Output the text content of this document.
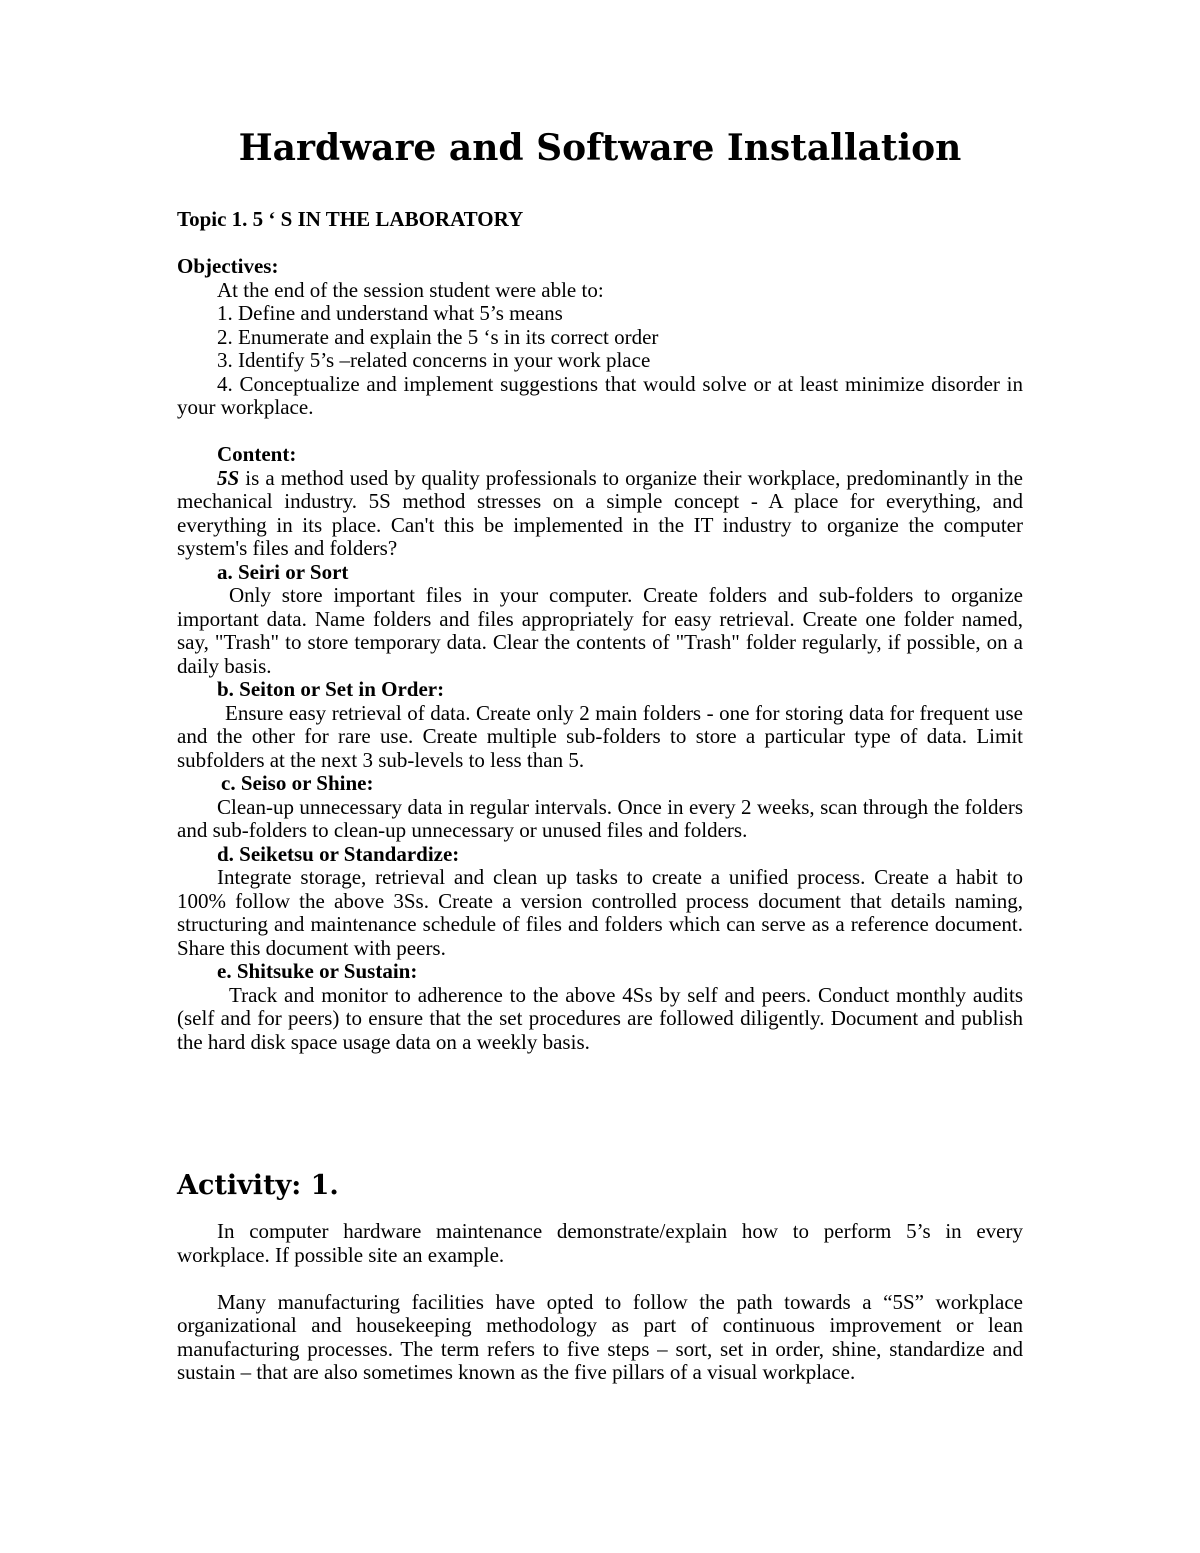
Hardware and Software Installation

Topic 1. 5 ‘ S IN THE LABORATORY

Objectives:

At the end of the session student were able to:

1. Define and understand what 5’s means

2. Enumerate and explain the 5 ‘s in its correct order

3. Identify 5’s –related concerns in your work place

4. Conceptualize and implement suggestions that would solve or at least minimize disorder in your workplace.

Content:

5S is a method used by quality professionals to organize their workplace, predominantly in the mechanical industry. 5S method stresses on a simple concept - A place for everything, and everything in its place. Can't this be implemented in the IT industry to organize the computer system's files and folders?

a. Seiri or Sort

Only store important files in your computer. Create folders and sub-folders to organize important data. Name folders and files appropriately for easy retrieval. Create one folder named, say, "Trash" to store temporary data. Clear the contents of "Trash" folder regularly, if possible, on a daily basis.

b. Seiton or Set in Order:

Ensure easy retrieval of data. Create only 2 main folders - one for storing data for frequent use and the other for rare use. Create multiple sub-folders to store a particular type of data. Limit subfolders at the next 3 sub-levels to less than 5.

c. Seiso or Shine:

Clean-up unnecessary data in regular intervals. Once in every 2 weeks, scan through the folders and sub-folders to clean-up unnecessary or unused files and folders.

d. Seiketsu or Standardize:

Integrate storage, retrieval and clean up tasks to create a unified process. Create a habit to 100% follow the above 3Ss. Create a version controlled process document that details naming, structuring and maintenance schedule of files and folders which can serve as a reference document. Share this document with peers.

e. Shitsuke or Sustain:

Track and monitor to adherence to the above 4Ss by self and peers. Conduct monthly audits (self and for peers) to ensure that the set procedures are followed diligently. Document and publish the hard disk space usage data on a weekly basis.

Activity: 1.

In computer hardware maintenance demonstrate/explain how to perform 5’s in every workplace. If possible site an example.

Many manufacturing facilities have opted to follow the path towards a “5S” workplace organizational and housekeeping methodology as part of continuous improvement or lean manufacturing processes. The term refers to five steps – sort, set in order, shine, standardize and sustain – that are also sometimes known as the five pillars of a visual workplace.
